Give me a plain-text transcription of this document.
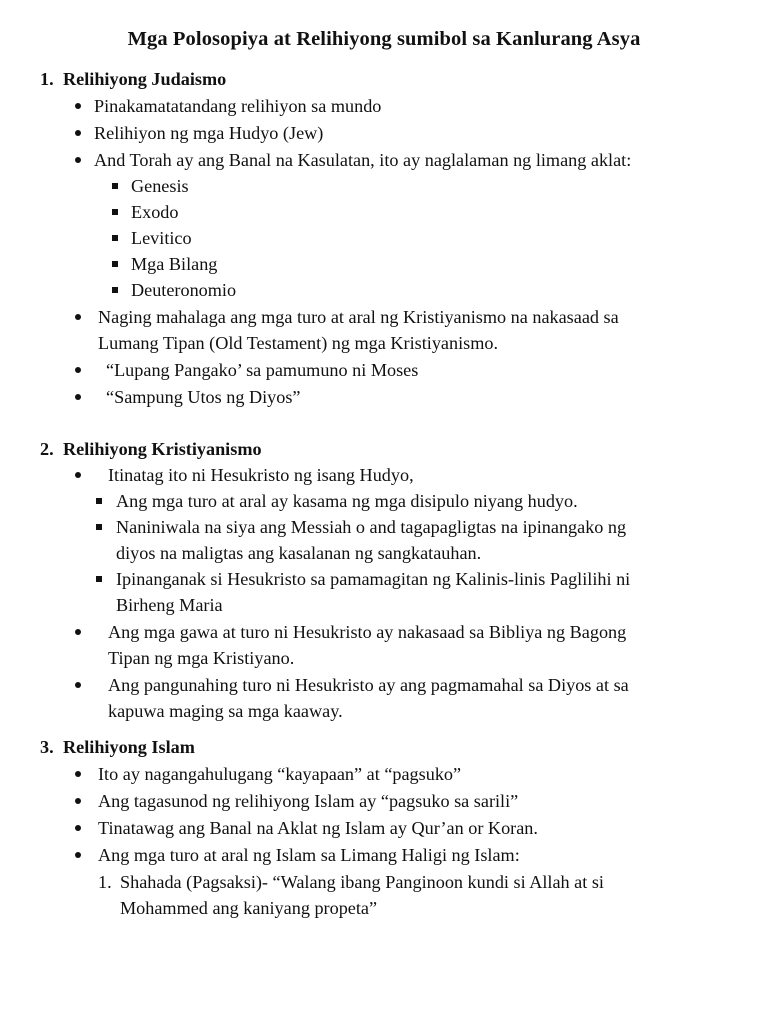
Mga Polosopiya at Relihiyong sumibol sa Kanlurang Asya
1. Relihiyong Judaismo
Pinakamatatandang relihiyon sa mundo
Relihiyon ng mga Hudyo (Jew)
And Torah ay ang Banal na Kasulatan, ito ay naglalaman ng limang aklat:
Genesis
Exodo
Levitico
Mga Bilang
Deuteronomio
Naging mahalaga ang mga turo at aral ng Kristiyanismo na nakasaad sa
Lumang Tipan (Old Testament) ng mga Kristiyanismo.
“Lupang Pangako’ sa pamumuno ni Moses
“Sampung Utos ng Diyos”
2. Relihiyong Kristiyanismo
Itinatag ito ni Hesukristo ng isang Hudyo,
Ang mga turo at aral ay kasama ng mga disipulo niyang hudyo.
Naniniwala na siya ang Messiah o and tagapagligtas na ipinangako ng
diyos na maligtas ang kasalanan ng sangkatauhan.
Ipinanganak si Hesukristo sa pamamagitan ng Kalinis-linis Paglilihi ni
Birheng Maria
Ang mga gawa at turo ni Hesukristo ay nakasaad sa Bibliya ng Bagong
Tipan ng mga Kristiyano.
Ang pangunahing turo ni Hesukristo ay ang pagmamahal sa Diyos at sa
kapuwa maging sa mga kaaway.
3. Relihiyong Islam
Ito ay nagangahulugang “kayapaan” at “pagsuko”
Ang tagasunod ng relihiyong Islam ay “pagsuko sa sarili”
Tinatawag ang Banal na Aklat ng Islam ay Qur’an or Koran.
Ang mga turo at aral ng Islam sa Limang Haligi ng Islam:
1. Shahada (Pagsaksi)- “Walang ibang Panginoon kundi si Allah at si
Mohammed ang kaniyang propeta”
